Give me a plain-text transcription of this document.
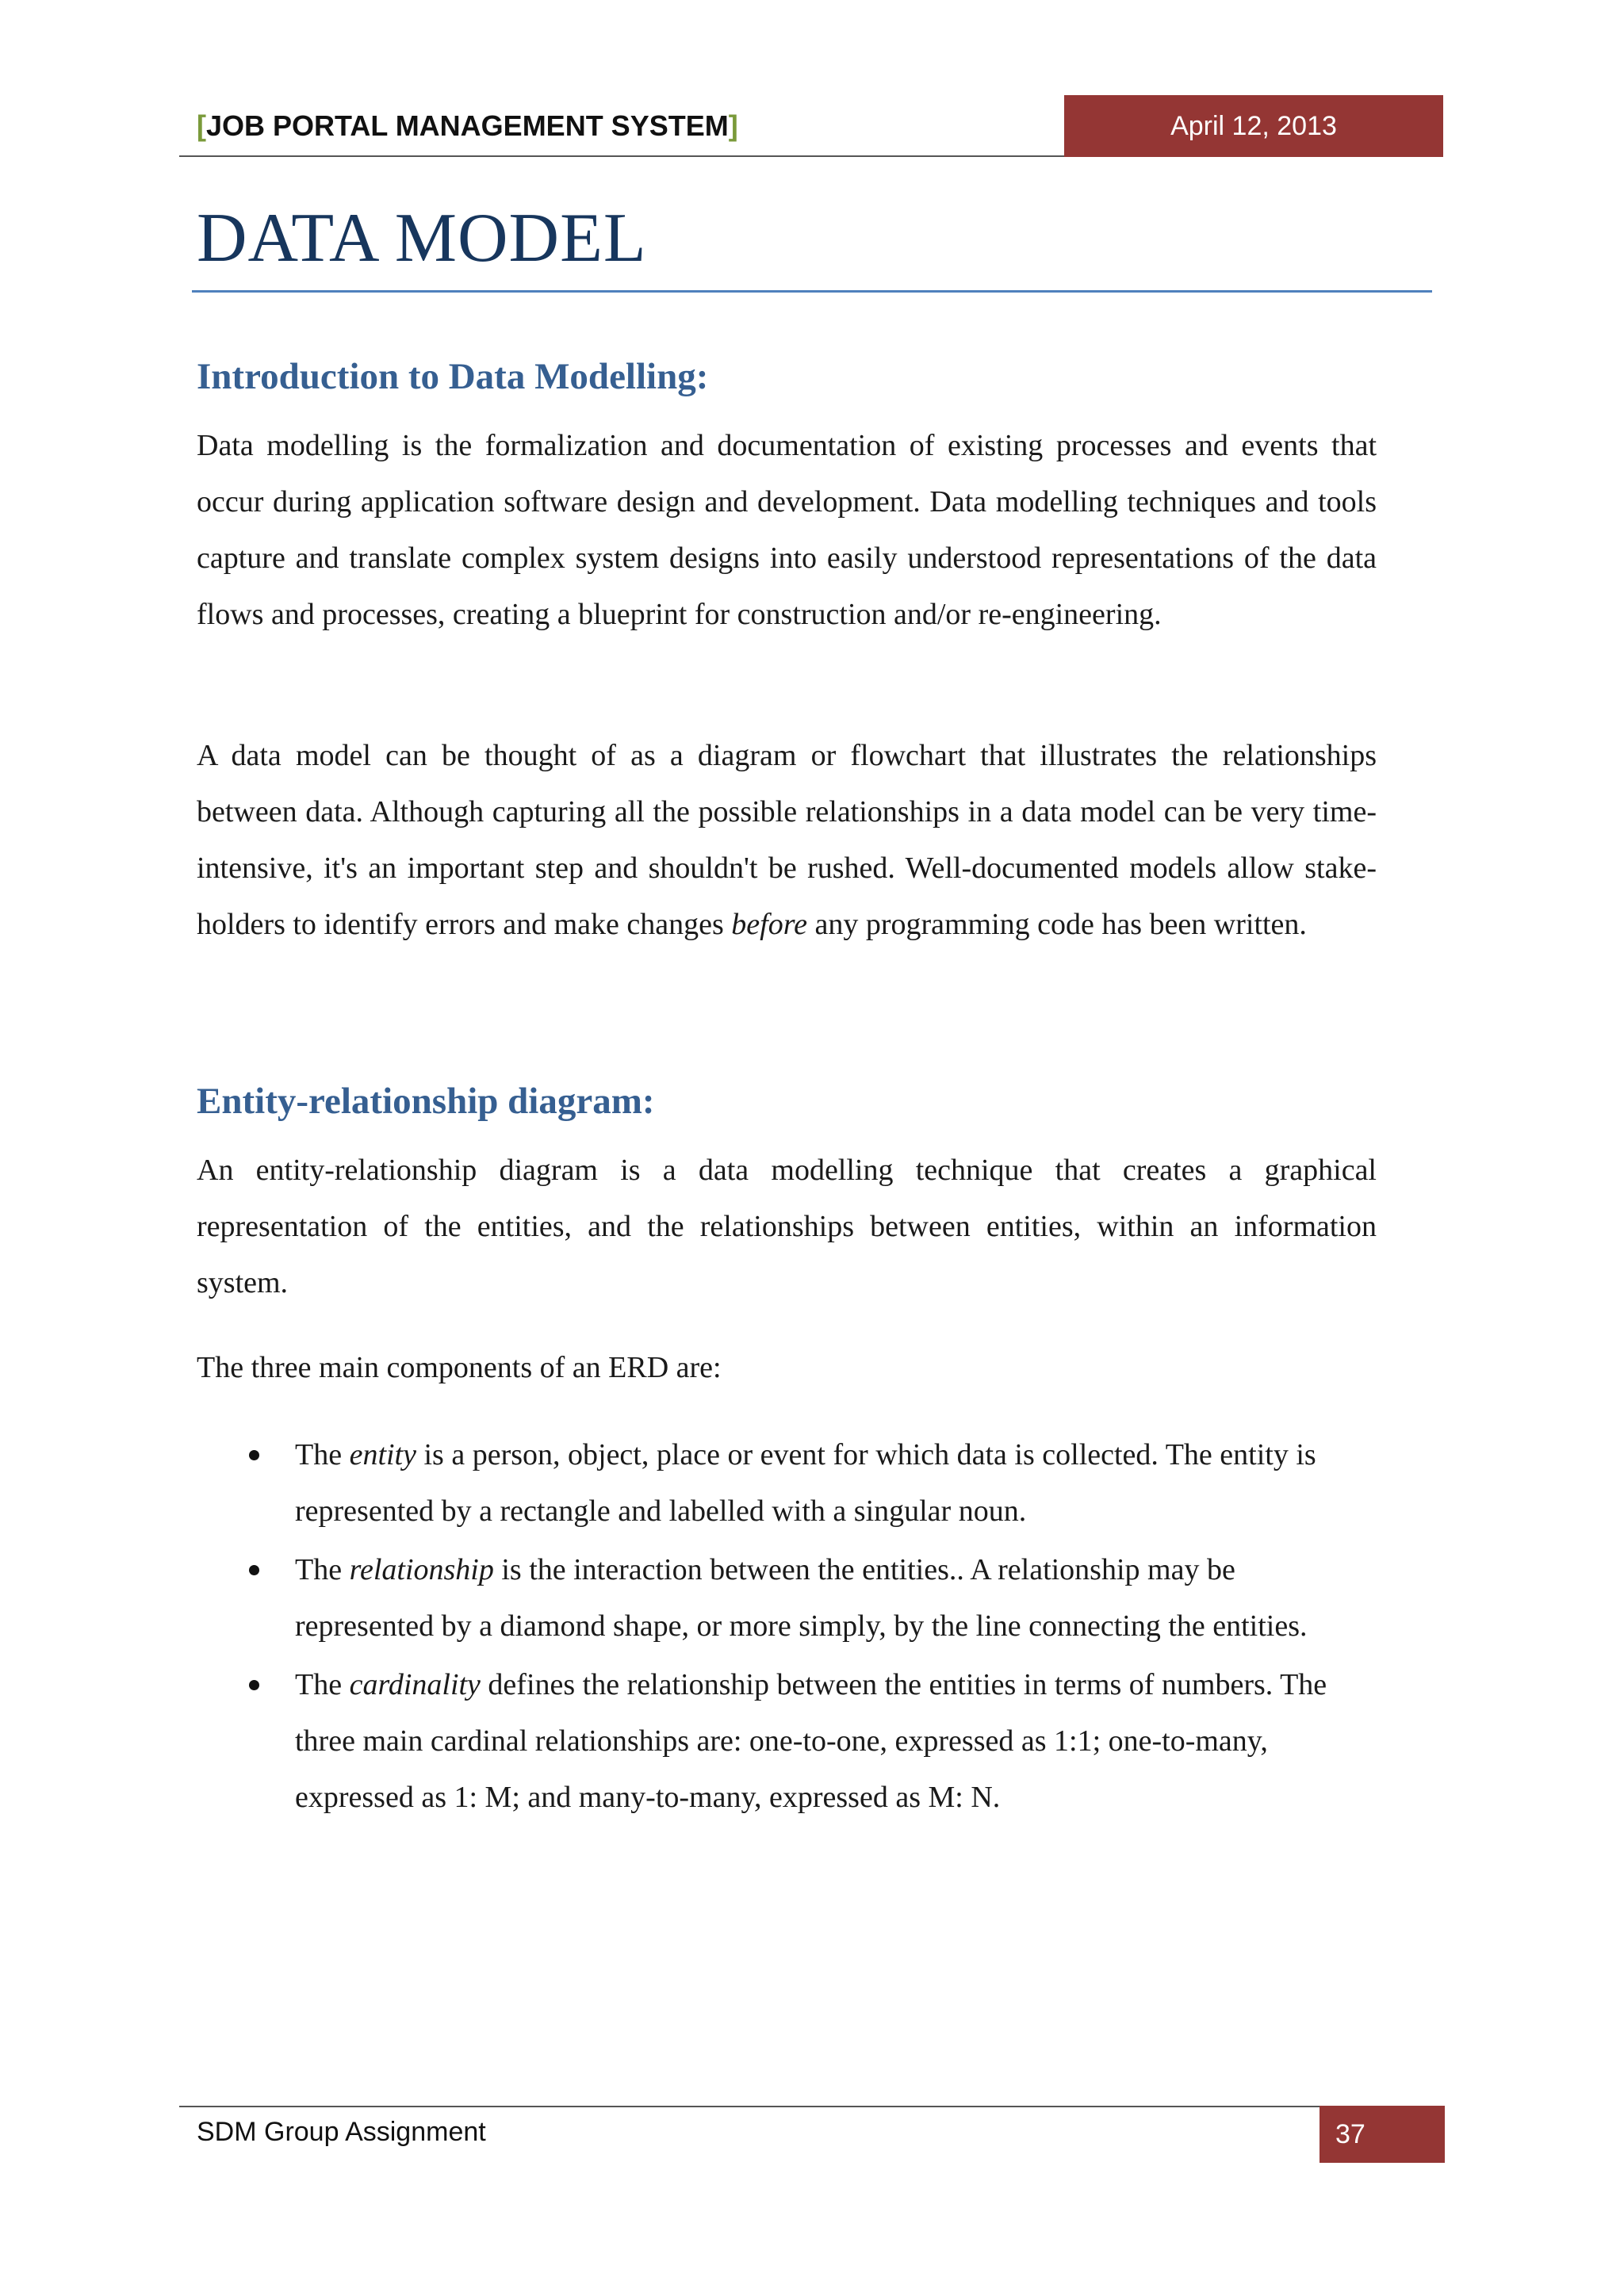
[JOB PORTAL MANAGEMENT SYSTEM]	April 12, 2013
DATA MODEL
Introduction to Data Modelling:

Data modelling is the formalization and documentation of existing processes and events that occur during application software design and development. Data modelling techniques and tools capture and translate complex system designs into easily understood representations of the data flows and processes, creating a blueprint for construction and/or re-engineering.

A data model can be thought of as a diagram or flowchart that illustrates the relationships between data. Although capturing all the possible relationships in a data model can be very time-intensive, it's an important step and shouldn't be rushed. Well-documented models allow stake-holders to identify errors and make changes before any programming code has been written.

Entity-relationship diagram:

An entity-relationship diagram is a data modelling technique that creates a graphical representation of the entities, and the relationships between entities, within an information system.

The three main components of an ERD are:

The entity is a person, object, place or event for which data is collected. The entity is represented by a rectangle and labelled with a singular noun.
The relationship is the interaction between the entities.. A relationship may be represented by a diamond shape, or more simply, by the line connecting the entities.
The cardinality defines the relationship between the entities in terms of numbers. The three main cardinal relationships are: one-to-one, expressed as 1:1; one-to-many, expressed as 1: M; and many-to-many, expressed as M: N.
SDM Group Assignment	37
